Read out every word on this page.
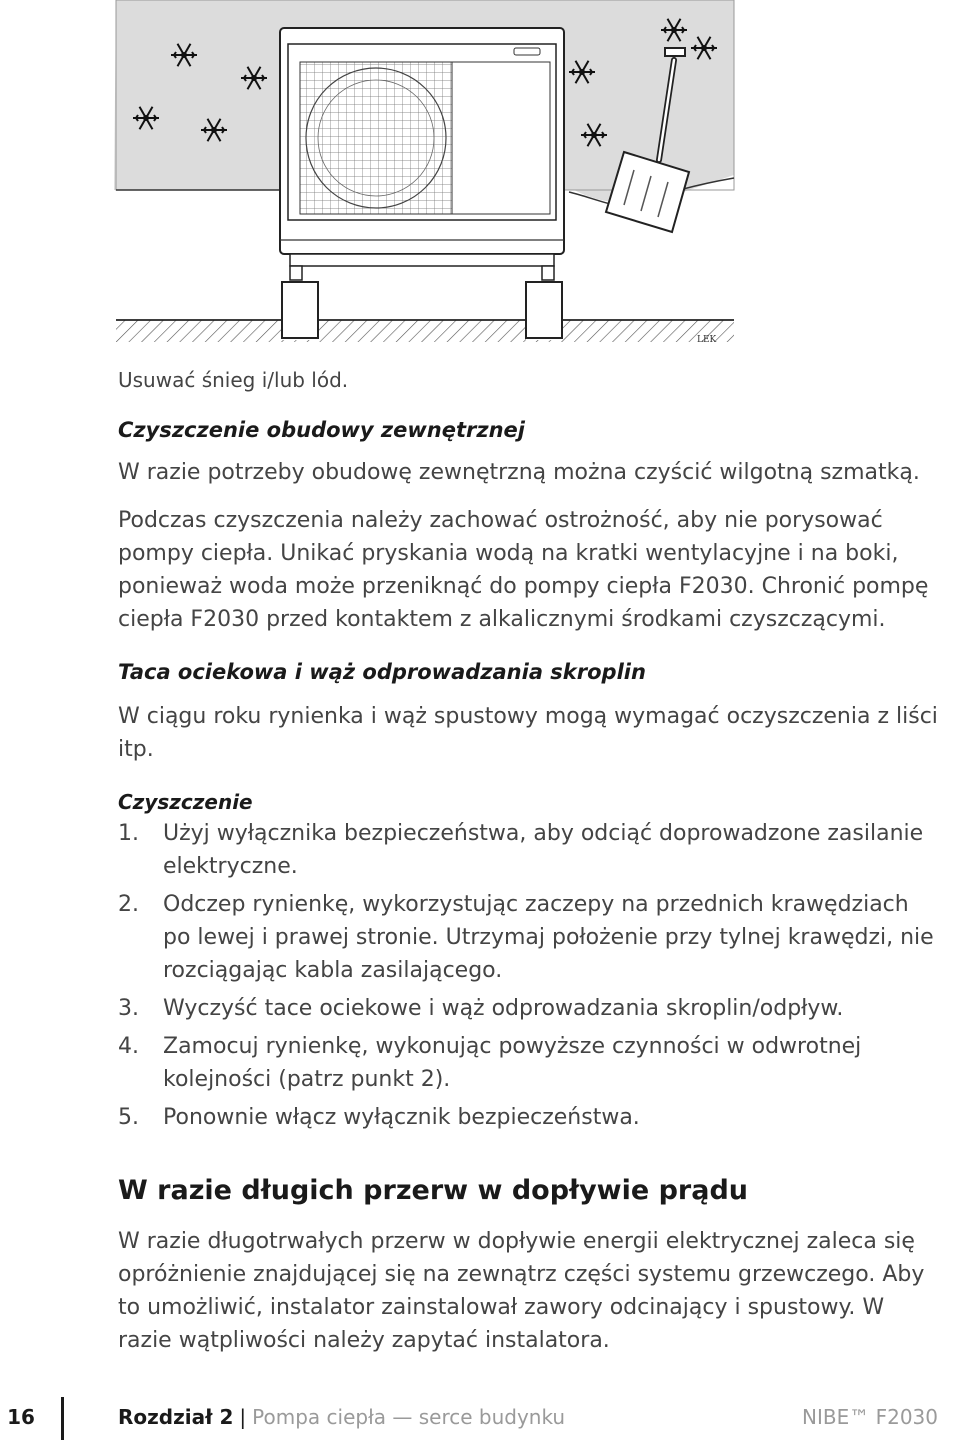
LEK
Usuwać śnieg i/lub lód.
Czyszczenie obudowy zewnętrznej
W razie potrzeby obudowę zewnętrzną można czyścić wilgotną szmatką.
Podczas czyszczenia należy zachować ostrożność, aby nie porysować pompy ciepła. Unikać pryskania wodą na kratki wentylacyjne i na boki, ponieważ woda może przeniknąć do pompy ciepła F2030. Chronić pompę ciepła F2030 przed kontaktem z alkalicznymi środkami czyszczącymi.
Taca ociekowa i wąż odprowadzania skroplin
W ciągu roku rynienka i wąż spustowy mogą wymagać oczyszczenia z liści itp.
Czyszczenie
1.	Użyj wyłącznika bezpieczeństwa, aby odciąć doprowadzone zasilanie elektryczne.
2.	Odczep rynienkę, wykorzystując zaczepy na przednich krawędziach po lewej i prawej stronie. Utrzymaj położenie przy tylnej krawędzi, nie rozciągając kabla zasilającego.
3.	Wyczyść tace ociekowe i wąż odprowadzania skroplin/odpływ.
4.	Zamocuj rynienkę, wykonując powyższe czynności w odwrotnej kolejności (patrz punkt 2).
5.	Ponownie włącz wyłącznik bezpieczeństwa.
W razie długich przerw w dopływie prądu
W razie długotrwałych przerw w dopływie energii elektrycznej zaleca się opróżnienie znajdującej się na zewnątrz części systemu grzewczego. Aby to umożliwić, instalator zainstalował zawory odcinający i spustowy. W razie wątpliwości należy zapytać instalatora.
16	Rozdział 2 | Pompa ciepła — serce budynku	NIBE™ F2030
